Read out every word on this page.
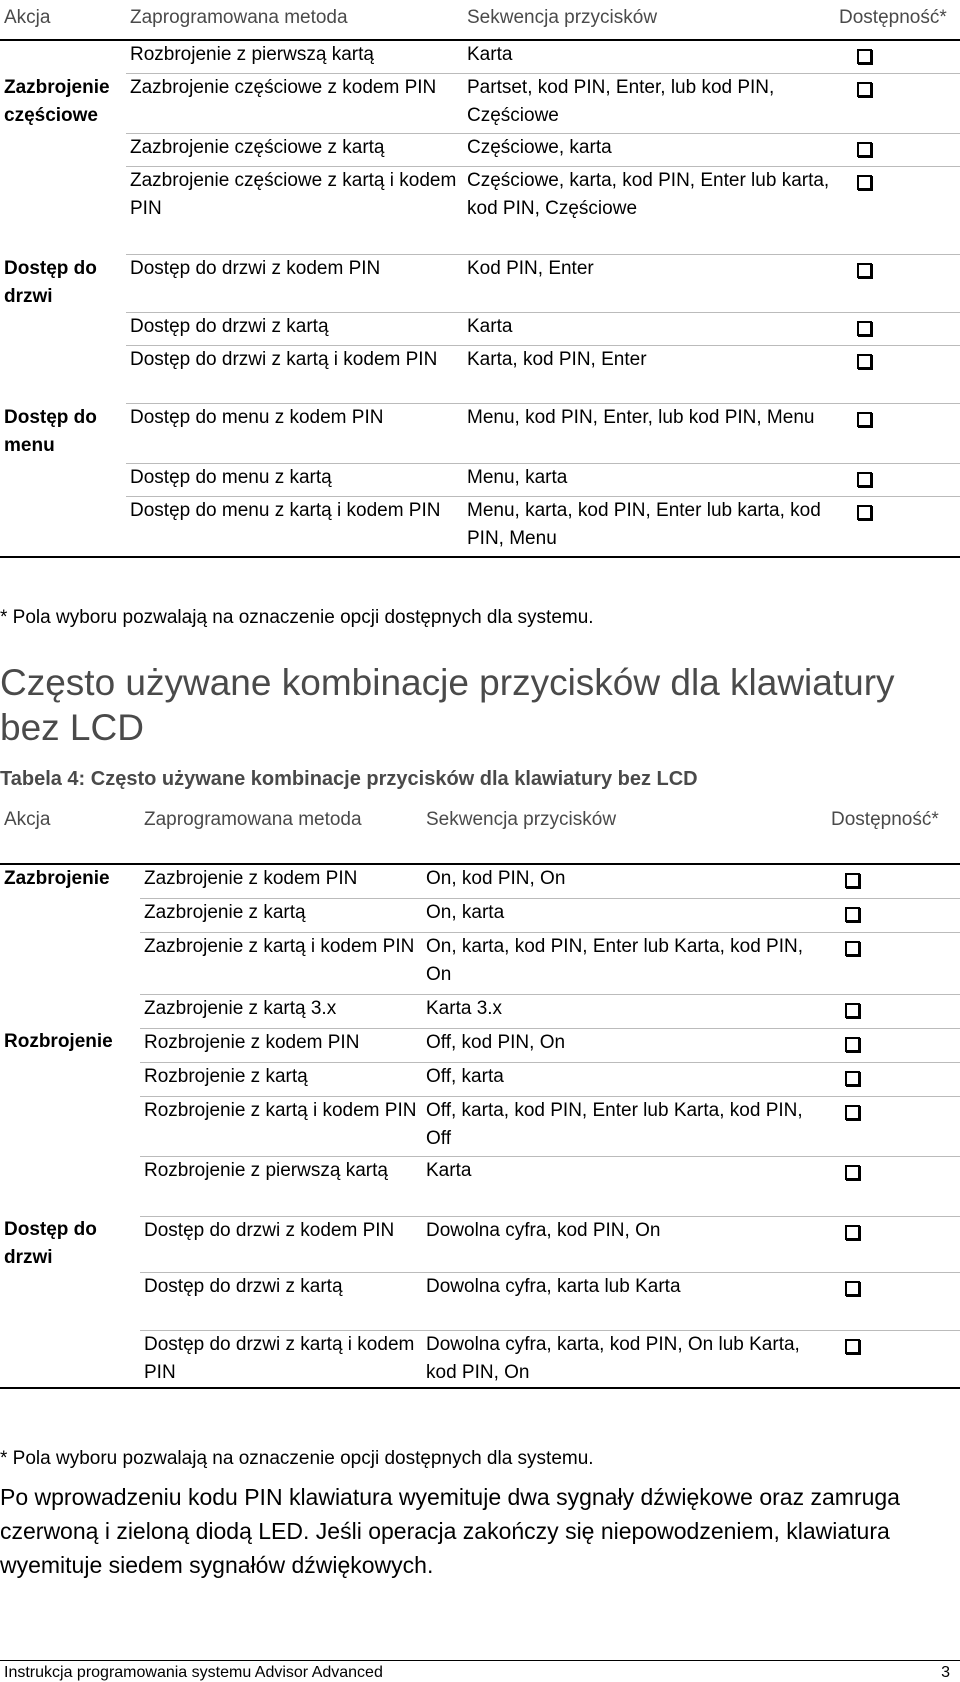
Akcja	Zaprogramowana metoda	Sekwencja przycisków	Dostępność*
	Rozbrojenie z pierwszą kartą	Karta	
Zazbrojenie częściowe	Zazbrojenie częściowe z kodem PIN	Partset, kod PIN, Enter, lub kod PIN, Częściowe	
	Zazbrojenie częściowe z kartą	Częściowe, karta	
	Zazbrojenie częściowe z kartą i kodem PIN	Częściowe, karta, kod PIN, Enter lub karta, kod PIN, Częściowe	
Dostęp do drzwi	Dostęp do drzwi z kodem PIN	Kod PIN, Enter	
	Dostęp do drzwi z kartą	Karta	
	Dostęp do drzwi z kartą i kodem PIN	Karta, kod PIN, Enter	
Dostęp do menu	Dostęp do menu z kodem PIN	Menu, kod PIN, Enter, lub kod PIN, Menu	
	Dostęp do menu z kartą	Menu, karta	
	Dostęp do menu z kartą i kodem PIN	Menu, karta, kod PIN, Enter lub karta, kod PIN, Menu	
* Pola wyboru pozwalają na oznaczenie opcji dostępnych dla systemu.
Często używane kombinacje przycisków dla klawiatury bez LCD
Tabela 4: Często używane kombinacje przycisków dla klawiatury bez LCD
Akcja	Zaprogramowana metoda	Sekwencja przycisków	Dostępność*
Zazbrojenie	Zazbrojenie z kodem PIN	On, kod PIN, On	
	Zazbrojenie z kartą	On, karta	
	Zazbrojenie z kartą i kodem PIN	On, karta, kod PIN, Enter lub Karta, kod PIN, On	
	Zazbrojenie z kartą 3.x	Karta 3.x	
Rozbrojenie	Rozbrojenie z kodem PIN	Off, kod PIN, On	
	Rozbrojenie z kartą	Off, karta	
	Rozbrojenie z kartą i kodem PIN	Off, karta, kod PIN, Enter lub Karta, kod PIN, Off	
	Rozbrojenie z pierwszą kartą	Karta	
Dostęp do drzwi	Dostęp do drzwi z kodem PIN	Dowolna cyfra, kod PIN, On	
	Dostęp do drzwi z kartą	Dowolna cyfra, karta lub Karta	
	Dostęp do drzwi z kartą i kodem PIN	Dowolna cyfra, karta, kod PIN, On lub Karta, kod PIN, On	
* Pola wyboru pozwalają na oznaczenie opcji dostępnych dla systemu.

Po wprowadzeniu kodu PIN klawiatura wyemituje dwa sygnały dźwiękowe oraz zamruga czerwoną i zieloną diodą LED. Jeśli operacja zakończy się niepowodzeniem, klawiatura wyemituje siedem sygnałów dźwiękowych.

Instrukcja programowania systemu Advisor Advanced	3
